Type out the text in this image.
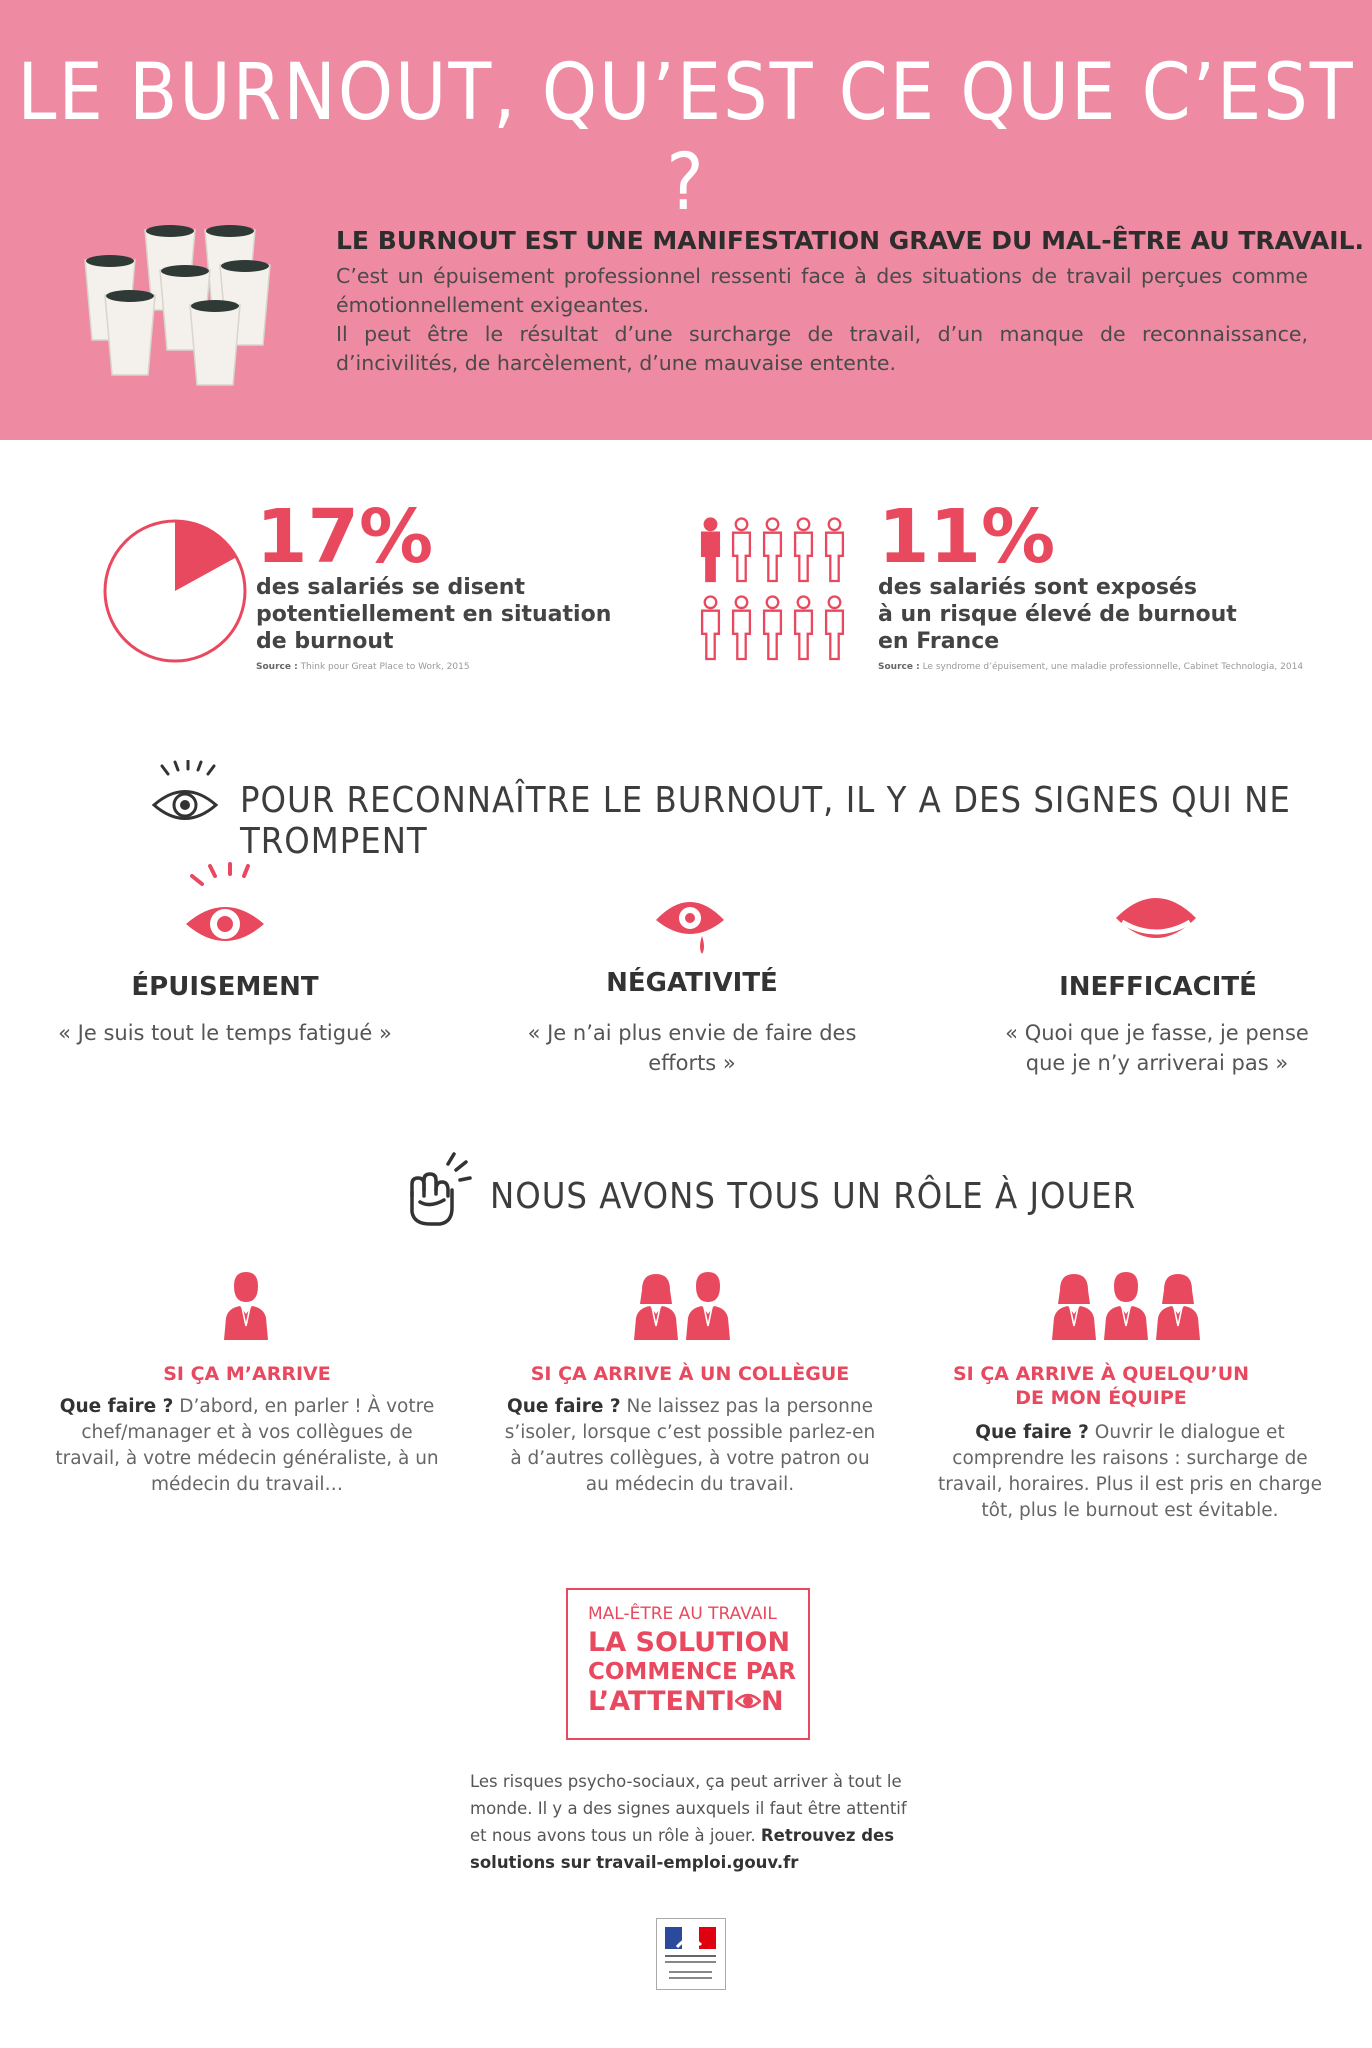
LE BURNOUT, QU’EST CE QUE C’EST ?
LE BURNOUT EST UNE MANIFESTATION GRAVE DU MAL-ÊTRE AU TRAVAIL.
C’est un épuisement professionnel ressenti face à des situations de travail perçues comme émotionnellement exigeantes.
Il peut être le résultat d’une surcharge de travail, d’un manque de reconnaissance, d’incivilités, de harcèlement, d’une mauvaise entente.
17%
des salariés se disent
potentiellement en situation
de burnout
Source : Think pour Great Place to Work, 2015
11%
des salariés sont exposés
à un risque élevé de burnout
en France
Source : Le syndrome d’épuisement, une maladie professionnelle, Cabinet Technologia, 2014
POUR RECONNAÎTRE LE BURNOUT, IL Y A DES SIGNES QUI NE TROMPENT
ÉPUISEMENT	NÉGATIVITÉ	INEFFICACITÉ
« Je suis tout le temps fatigué »	« Je n’ai plus envie de faire des efforts »
« Quoi que je fasse, je pense que je n’y arriverai pas »
NOUS AVONS TOUS UN RÔLE À JOUER
SI ÇA M’ARRIVE	SI ÇA ARRIVE À UN COLLÈGUE	SI ÇA ARRIVE À QUELQU’UN DE MON ÉQUIPE
Que faire ? D’abord, en parler ! À votre chef/manager et à vos collègues de travail, à votre médecin généraliste, à un médecin du travail…
Que faire ? Ne laissez pas la personne s’isoler, lorsque c’est possible parlez-en à d’autres collègues, à votre patron ou au médecin du travail.
Que faire ? Ouvrir le dialogue et comprendre les raisons : surcharge de travail, horaires. Plus il est pris en charge tôt, plus le burnout est évitable.
MAL-ÊTRE AU TRAVAIL
LA SOLUTION
COMMENCE PAR
L’ATTENTI N
Les risques psycho-sociaux, ça peut arriver à tout le monde. Il y a des signes auxquels il faut être attentif et nous avons tous un rôle à jouer. Retrouvez des solutions sur travail-emploi.gouv.fr
